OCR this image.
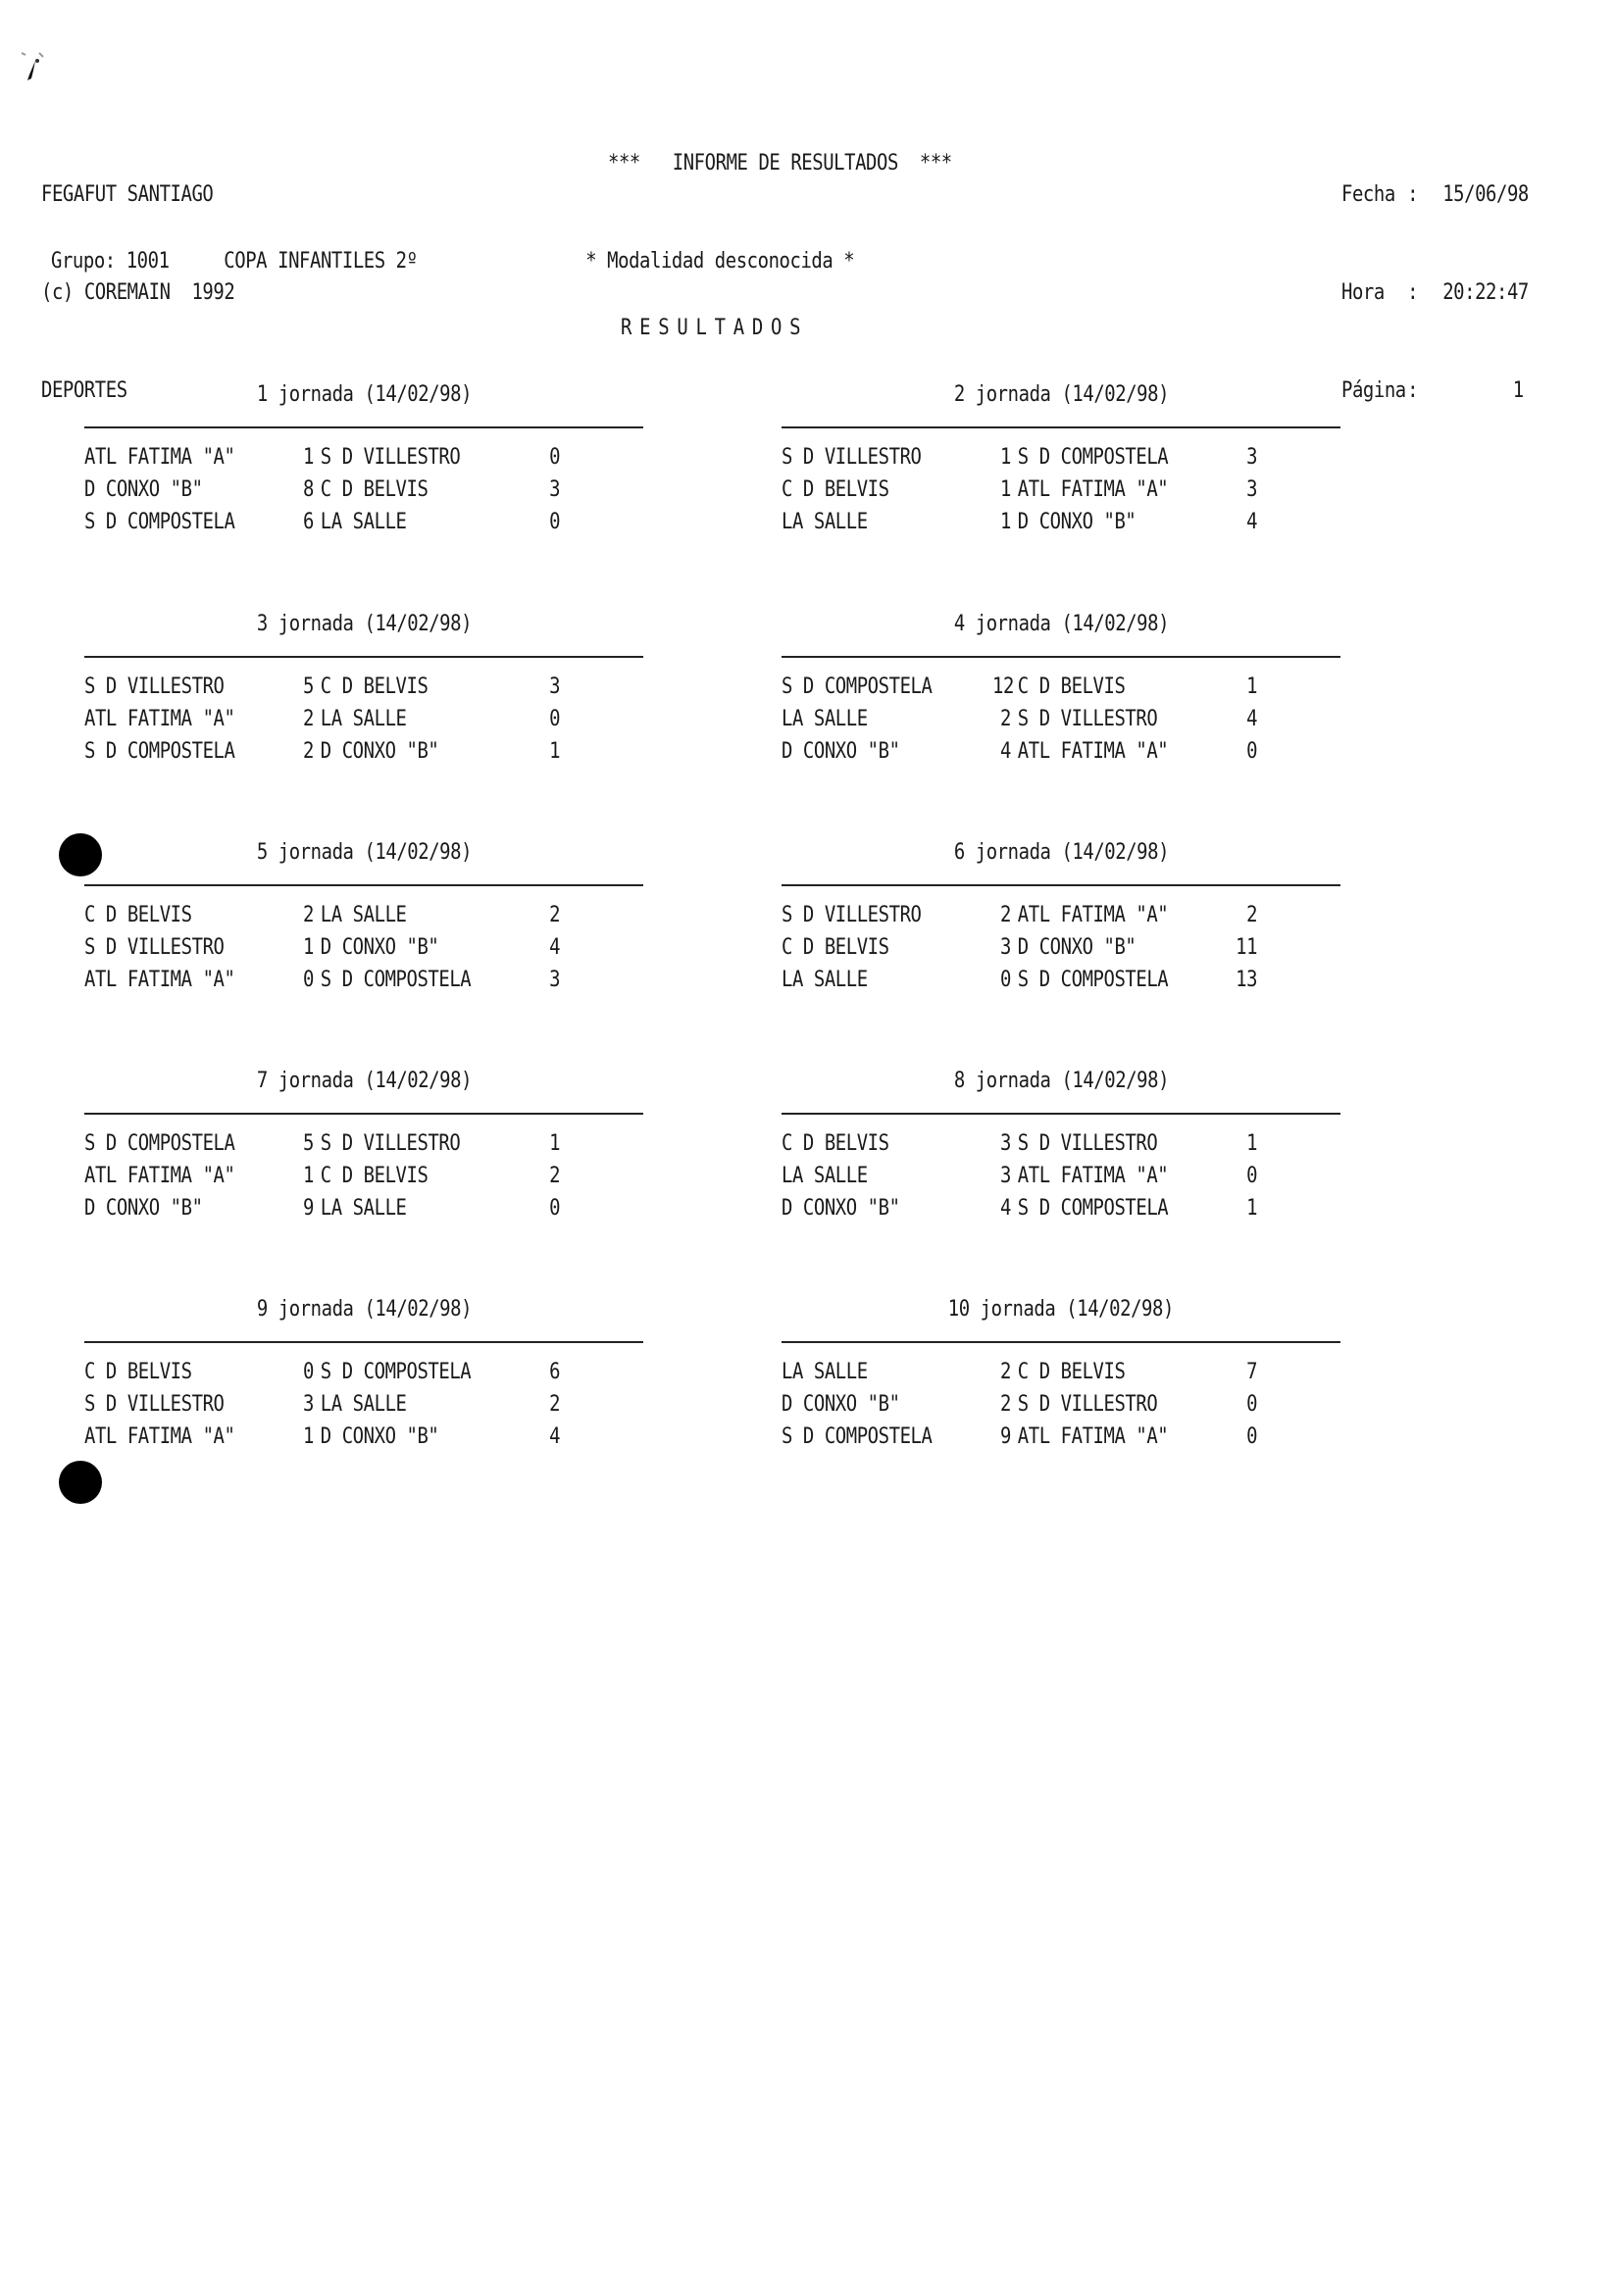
FEGAFUT SANTIAGO

(c) COREMAIN  1992

DEPORTES

***   INFORME DE RESULTADOS  ***

Fecha :	15/06/98

Hora	:	20:22:47

Página :	1

Grupo: 1001

	COPA INFANTILES 2º

	* Modalidad desconocida *

RESULTADOS
1 jornada (14/02/98)
ATL FATIMA "A"	1 S D VILLESTRO	0
D CONXO "B"	8 C D BELVIS	3
S D COMPOSTELA	6 LA SALLE	0
2 jornada (14/02/98)
S D VILLESTRO	1 S D COMPOSTELA	3
C D BELVIS	1 ATL FATIMA "A"	3
LA SALLE	1 D CONXO "B"	4
3 jornada (14/02/98)
S D VILLESTRO	5 C D BELVIS	3
ATL FATIMA "A"	2 LA SALLE	0
S D COMPOSTELA	2 D CONXO "B"	1
4 jornada (14/02/98)
S D COMPOSTELA	12 C D BELVIS	1
LA SALLE	2 S D VILLESTRO	4
D CONXO "B"	4 ATL FATIMA "A"	0
5 jornada (14/02/98)
C D BELVIS	2 LA SALLE	2
S D VILLESTRO	1 D CONXO "B"	4
ATL FATIMA "A"	0 S D COMPOSTELA	3
6 jornada (14/02/98)
S D VILLESTRO	2 ATL FATIMA "A"	2
C D BELVIS	3 D CONXO "B"	11
LA SALLE	0 S D COMPOSTELA	13
7 jornada (14/02/98)
S D COMPOSTELA	5 S D VILLESTRO	1
ATL FATIMA "A"	1 C D BELVIS	2
D CONXO "B"	9 LA SALLE	0
8 jornada (14/02/98)
C D BELVIS	3 S D VILLESTRO	1
LA SALLE	3 ATL FATIMA "A"	0
D CONXO "B"	4 S D COMPOSTELA	1
9 jornada (14/02/98)
C D BELVIS	0 S D COMPOSTELA	6
S D VILLESTRO	3 LA SALLE	2
ATL FATIMA "A"	1 D CONXO "B"	4
10 jornada (14/02/98)
LA SALLE	2 C D BELVIS	7
D CONXO "B"	2 S D VILLESTRO	0
S D COMPOSTELA	9 ATL FATIMA "A"	0
